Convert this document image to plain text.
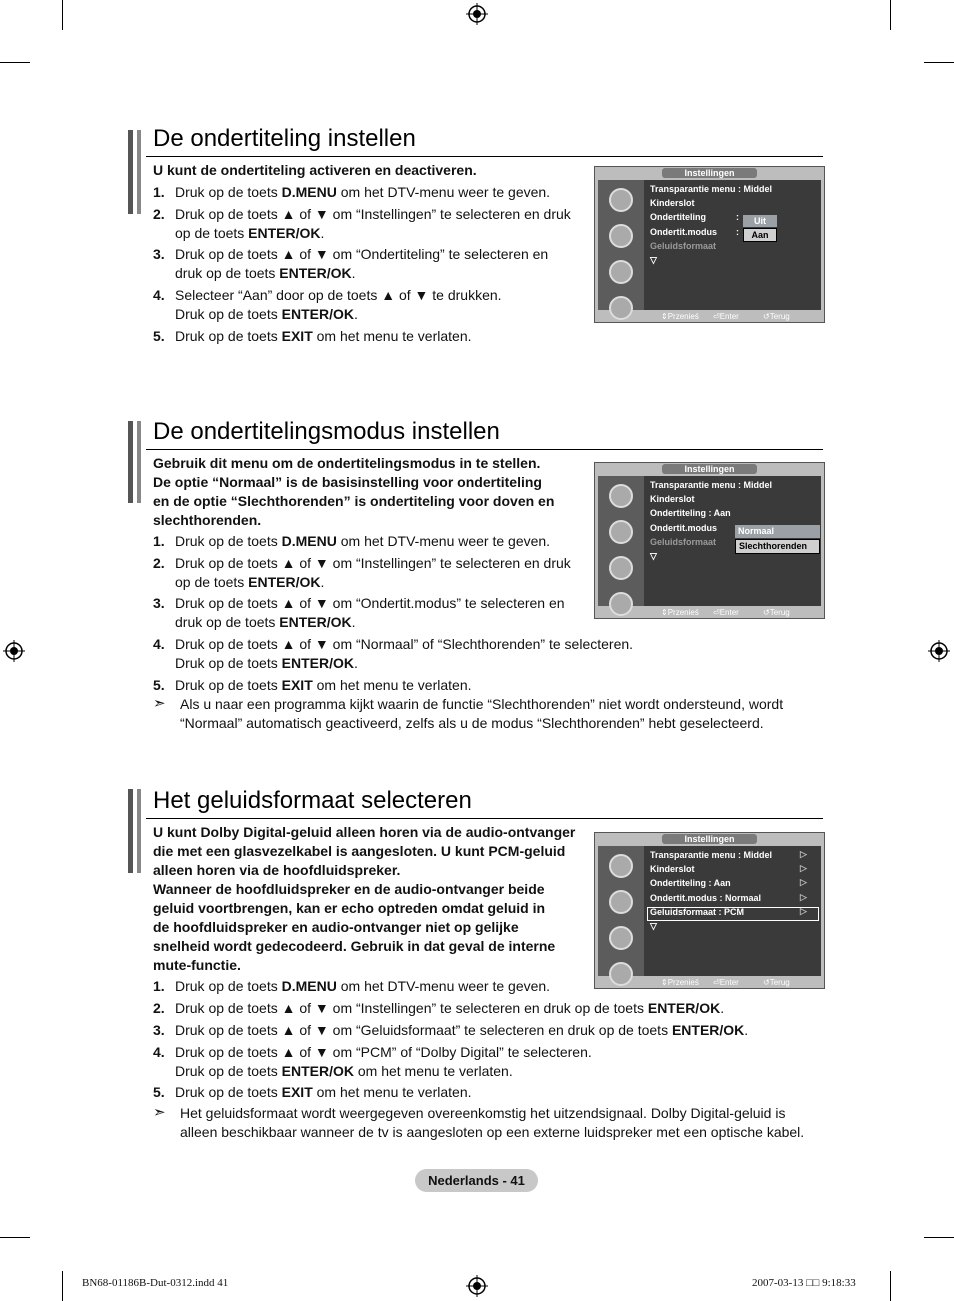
De ondertiteling instellen
U kunt de ondertiteling activeren en deactiveren.
1. Druk op de toets D.MENU om het DTV-menu weer te geven.
2. Druk op de toets ▲ of ▼ om “Instellingen” te selecteren en druk
op de toets ENTER/OK.
3. Druk op de toets ▲ of ▼ om “Ondertiteling” te selecteren en
druk op de toets ENTER/OK.
4. Selecteer “Aan” door op de toets ▲ of ▼ te drukken.
Druk op de toets ENTER/OK.
5. Druk op de toets EXIT om het menu te verlaten.
Instellingen
Transparantie menu : Middel
Kinderslot
Ondertiteling
Ondertit.modus
Geluidsformaat
▽
⇕Przenieś ⏎Enter	↺Terug
:
:
Uit
Aan
De ondertitelingsmodus instellen
Gebruik dit menu om de ondertitelingsmodus in te stellen.
De optie “Normaal” is de basisinstelling voor ondertiteling
en de optie “Slechthorenden” is ondertiteling voor doven en
slechthorenden.
1. Druk op de toets D.MENU om het DTV-menu weer te geven.
2. Druk op de toets ▲ of ▼ om “Instellingen” te selecteren en druk
op de toets ENTER/OK.
3. Druk op de toets ▲ of ▼ om “Ondertit.modus” te selecteren en
druk op de toets ENTER/OK.
4. Druk op de toets ▲ of ▼ om “Normaal” of “Slechthorenden” te selecteren.
Druk op de toets ENTER/OK.
5. Druk op de toets EXIT om het menu te verlaten.
Als u naar een programma kijkt waarin de functie “Slechthorenden” niet wordt ondersteund, wordt
“Normaal” automatisch geactiveerd, zelfs als u de modus “Slechthorenden” hebt geselecteerd.
➣
Instellingen
Transparantie menu : Middel
Kinderslot
Ondertiteling : Aan
Ondertit.modus
Geluidsformaat
▽
⇕Przenieś ⏎Enter	↺Terug
Normaal
Slechthorenden
Het geluidsformaat selecteren
U kunt Dolby Digital-geluid alleen horen via de audio-ontvanger
die met een glasvezelkabel is aangesloten. U kunt PCM-geluid
alleen horen via de hoofdluidspreker.
Wanneer de hoofdluidspreker en de audio-ontvanger beide
geluid voortbrengen, kan er echo optreden omdat geluid in
de hoofdluidspreker en audio-ontvanger niet op gelijke
snelheid wordt gedecodeerd. Gebruik in dat geval de interne
mute-functie.
1. Druk op de toets D.MENU om het DTV-menu weer te geven.
2. Druk op de toets ▲ of ▼ om “Instellingen” te selecteren en druk op de toets ENTER/OK.
3. Druk op de toets ▲ of ▼ om “Geluidsformaat” te selecteren en druk op de toets ENTER/OK.
4. Druk op de toets ▲ of ▼ om “PCM” of “Dolby Digital” te selecteren.
Druk op de toets ENTER/OK om het menu te verlaten.
5. Druk op de toets EXIT om het menu te verlaten.
Het geluidsformaat wordt weergegeven overeenkomstig het uitzendsignaal. Dolby Digital-geluid is
alleen beschikbaar wanneer de tv is aangesloten op een externe luidspreker met een optische kabel.
➣
Instellingen
Transparantie menu : Middel
Kinderslot
Ondertiteling : Aan
Ondertit.modus : Normaal
Geluidsformaat : PCM
▽
⇕Przenieś ⏎Enter	↺Terug
▷
▷
▷
▷
▷
Nederlands - 41
BN68-01186B-Dut-0312.indd 41	2007-03-13 □□ 9:18:33
